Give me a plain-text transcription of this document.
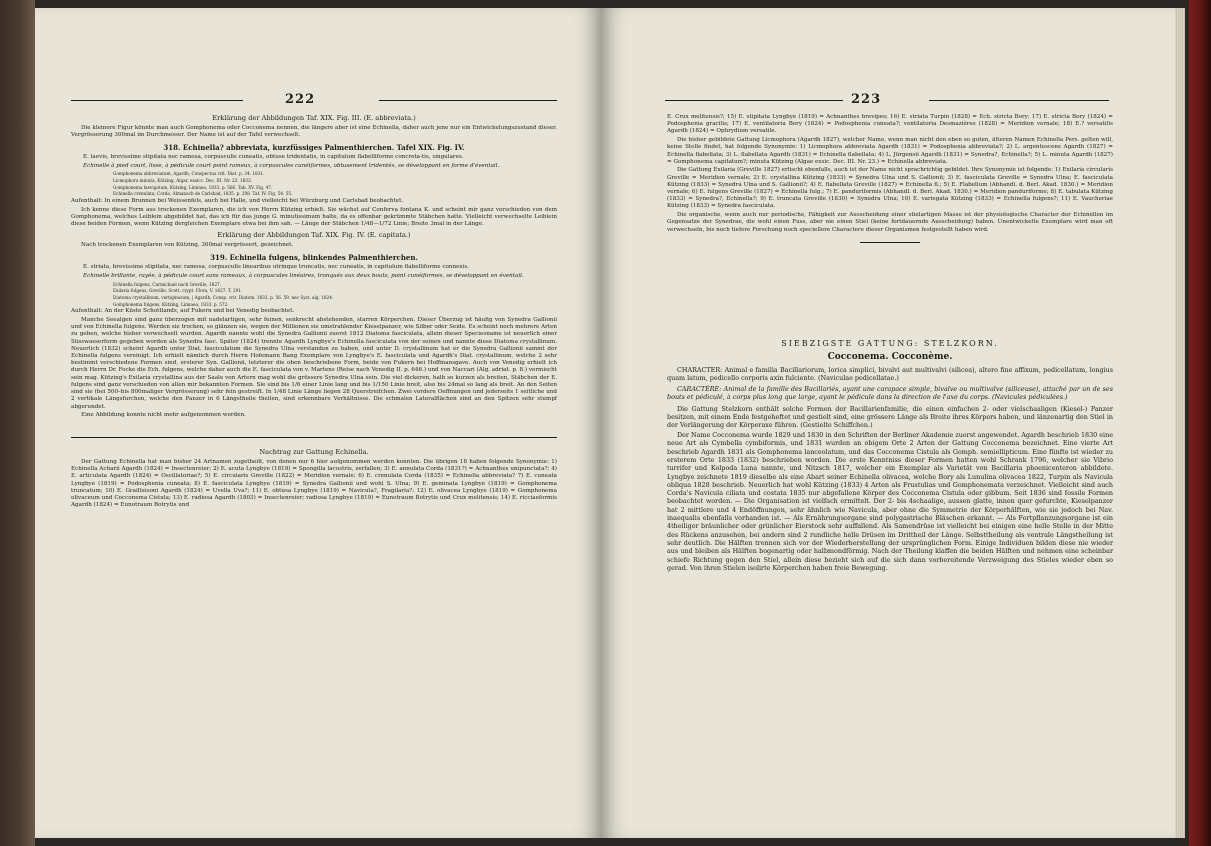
222

Erklärung der Abbildungen Taf. XIX. Fig. III. (E. abbreviata.)

Die kleinere Figur könnte man auch Gomphonema oder Cocconema nennen, die längere aber ist eine Echinella, daher auch jene nur ein Entwickelungszustand dieser. Vergrösserung 300mal im Durchmesser. Der Name ist auf der Tafel verwechselt.

318. Echinella? abbreviata, kurzfüssiges Palmenthierchen. Tafel XIX. Fig. IV.

E. laevis, brevissime stipitata nec ramosa, corpusculis cuneatis, obtuse tridentatis, in capitulum flabelliforme concreta-tis, singulares.

Echinelle à pied court, lisse, à pédicule court point rameux, à corpuscules cunéiformes, obtusement tridentés, se développant en forme d'éventail.

Gomphonema abbreviatum, Agardh, Conspectus crit. Diat. p. 34. 1831.

Licmophora minuta, Kützing, Algar. exsicc. Dec. III. Nr. 23. 1833.

Gomphonema laevigatum, Kützing, Linnaea, 1833. p. 566. Tab. XV. Fig. 47.

Echinella crenulata, Corda, Almanach de Carlsbad, 1835. p. 208. Taf. IV. Fig. 54. 55.

Aufenthalt: In einem Brunnen bei Weissenfels, auch bei Halle, und vielleicht bei Würzburg und Carlsbad beobachtet.

Ich kenne diese Form aus trockenen Exemplaren, die ich von Herrn Kützing erhielt. Sie wächst auf Conferva fontana K. und scheint mir ganz verschieden von dem Gomphonema, welches Leiblein abgebildet hat, das ich für das junge G. minutissimum halte, da es offenbar gekrümmte Stäbchen hatte. Vielleicht verwechselte Leiblein diese beiden Formen, wenn Kützing dergleichen Exemplare etwa bei ihm sah. — Länge der Stäbchen 1/48—1/72 Linie; Breite 3mal in der Länge.

Erklärung der Abbildungen Taf. XIX. Fig. IV. (E. capitata.)

Nach trockenen Exemplaren von Kützing, 300mal vergrössert, gezeichnet.

319. Echinella fulgens, blinkendes Palmenthierchen.

E. striata, brevissime stipitata, nec ramosa, corpusculis linearibus utrinque truncatis, nec cuneatis, in capitulum flabelliforme connexis.

Echinelle brillante, rayée, à pédicule court sans rameaux, à corpuscules linéaires, tronqués aux deux bouts, point cunéiformes, se développant en éventail.

Echinella fulgens, Carmichael nach Greville, 1827.

Exilaria fulgens, Greville, Scott. crypt. Flora, V. 1827. T. 291.

Diatoma crystallinum, vertiginosum, | Agardh, Consp. crit. Diatom. 1832. p. 56. 59. nec Syst. alg. 1824.

Gomphonema fulgens, Kützing, Linnaea, 1833. p. 572.

Aufenthalt: An der Küste Schottlands, auf Fukern und bei Venedig beobachtet.

Manche Seealgen sind ganz überzogen mit nadelartigen, sehr feinen, senkrecht abstehenden, starren Körperchen. Dieser Überzug ist häufig von Synedra Gallionii und von Echinella fulgens. Werden sie trocken, so glänzen sie, wegen der Millionen sie umstrahlender Kieselpanzer, wie Silber oder Seide. Es scheint noch mehrere Arten zu geben, welche bisher verwechselt wurden. Agardh nannte wohl die Synedra Gallionii zuerst 1812 Diatoma fasciculata, allein dieser Speciesname ist neuerlich einer Süsswasserform gegeben worden als Synedra fasc. Später (1824) trennte Agardh Lyngbye's Echinella fasciculata von der seinen und nannte diese Diatoma crystallinum. Neuerlich (1832) scheint Agardh unter Diat. fasciculatum die Synedra Ulna verstanden zu haben, und unter D. crystallinum hat er die Synedra Gallionii sammt der Echinella fulgens vereinigt. Ich erhielt nämlich durch Herrn Hofemann Bang Exemplare von Lyngbye's E. fasciculata und Agardh's Diat. crystallinum, welche 2 sehr bestimmt verschiedene Formen sind, ersterer Syn. Gallionii, letzterer die oben beschriebene Form, beide von Fukern bei Hoffmansgave. Auch von Venedig erhielt ich durch Herrn Dr. Focke die Ech. fulgens, welche daher auch die E. fasciculata von v. Martens (Reise nach Venedig II. p. 646.) und von Naccari (Alg. adriat. p. 8.) vermischt sein mag. Kützing's Exilaria crystallina aus der Saale von Artern mag wohl die grössere Synedra Ulna sein. Die viel dickeren, halb so kurzen als breiten, Stäbchen der E. fulgens sind ganz verschieden von allen mir bekannten Formen. Sie sind bis 1/6 einer Linie lang und bis 1/150 Linie breit, also bis 24mal so lang als breit. An den Seiten sind sie (bei 500–bis 800maliger Vergrösserung) sehr fein gestreift. In 1/48 Linie Länge liegen 28 Querstreifchen. Zwei vordere Oeffnungen und jederseits 1 seitliche und 2 vertikale Längsfurchen, welche den Panzer in 6 Längstheile theilen, sind erkennbare Verhältnisse. Die schmalen Lateralflächen sind an den Spitzen sehr stumpf abgerundet.

Eine Abbildung konnte nicht mehr aufgenommen werden.

Nachtrag zur Gattung Echinella.

Der Gattung Echinella hat man bisher 24 Artnamen zugetheilt, von denen nur 6 hier aufgenommen werden konnten. Die übrigen 18 haben folgende Synonymie: 1) Echinella Acharii Agardh (1824) = Insectenreier; 2) E. acuta Lyngbye (1819) = Spongilla lacustris, zerfallen; 3) E. annulata Corda (1831?) = Achnanthes unipunctata?; 4) E. articulata Agardh (1824) = Oscillatoriae?; 5) E. circularis Greville (1822) = Meridion vernale; 6) E. crenulata Corda (1835) = Echinella abbreviata? 7) E. cuneata Lyngbye (1819) = Podosphenia cuneata; 8) E. fasciculata Lyngbye (1819) = Synedra Gallionii und wohl S. Ulna; 9) E. geminata Lyngbye (1819) = Gomphonema truncatum; 10) E. Grailluisoni Agardh (1824) = Uvella Uva?; 11) E. obtusa Lyngbye (1819) = Navicula?, Fragilaria?; 12) E. olivacea Lyngbye (1819) = Gomphonema olivaceum und Cocconema Cistula; 13) E. radiosa Agardh (1803) = Insectenreier; radiosa Lyngbye (1819) = Eunotraum Botrytis und Crux melitensis; 14) E. ricciaeformis Agardh (1824) = Eunotraum Botrytis und

223

E. Crux melitensis?; 15) E. stipitata Lyngbye (1819) = Achnanthes brevipes; 16) E. striata Turpin (1828) = Ech. stricta Bory; 17) E. stricta Bory (1824) = Podosphenia gracilis; 17) E. ventilatoria Bory (1824) = Podosphenia cuneata?; ventilatoria Desmazières (1828) = Meridion vernale; 18) E.? versatilis Agardh (1824) = Ophrydium versatile.

Die bisher gebildete Gattung Licmophora (Agardh 1827), welcher Name, wenn man nicht den eben so guten, älteren Namen Echinella Pers. gelten will, keine Stelle findet, hat folgende Synonymie: 1) Licmophora abbreviata Agardh (1831) = Podosphenia abbreviata?; 2) L. argentescens Agardh (1827) = Echinella flabellata; 3) L. flabellata Agardh (1831) = Echinella flabellata; 4) L. Jürgensii Agardh (1831) = Synedra?, Echinella?; 5) L. minuta Agardh (1827) = Gomphonema capitatum?; minuta Kützing (Algae exsic. Dec. III. Nr. 23.) = Echinella abbreviata.

Die Gattung Exilaria (Greville 1827) erlischt ebenfalls, auch ist der Name nicht sprachrichtig gebildet. Ihre Synonymie ist folgende: 1) Exilaria circularis Greville = Meridion vernale; 2) E. crystallina Kützing (1833) = Synedra Ulna und S. Gallionii; 3) E. fasciculata Greville = Synedra Ulna; E. fasciculata Kützing (1833) = Synedra Ulna und S. Gallionii?; 4) E. flabellata Greville (1827) = Echinella fl.; 5) E. Flabellum (Abhandl. d. Berl. Akad. 1830.) = Meridion vernale; 6) E. fulgens Greville (1827) = Echinella fulg.; 7) E. panduriformis (Abhandl. d. Berl. Akad. 1830.) = Meridion panduriforme; 8) E. tabulata Kützing (1833) = Synedra?, Echinella?; 9) E. truncata Greville (1830) = Synedra Ulna; 10) E. variegata Kützing (1833) = Echinella fulgens?; 11) E. Vaucheriae Kützing (1833) = Synedra fasciculata.

Die organische, wenn auch nur periodische, Fähigkeit zur Ausscheidung einer stielartigen Masse ist der physiologische Character der Echinellen im Gegensatze der Synedrae, die wohl einen Fuss, aber nie einen Stiel (keine fortdauernde Ausscheidung) haben. Unentwickelte Exemplare wird man oft verwechseln, bis noch tiefere Forschung noch speciellere Charactere dieser Organismen festgestellt haben wird.

SIEBZIGSTE GATTUNG: STELZKORN.

Cocconema. Cocconème.

CHARACTER: Animal e familia Bacillariorum, lorica simplici, bivalvi aut multivalvi (silicea), altero fine affixum, pedicellatum, longius quam latum, pedicello corporis axin fulciente. (Naviculae pedicellatae.)

CARACTÈRE: Animal de la famille des Bacillariés, ayant une carapace simple, bivalve ou multivalve (siliceuse), attaché par un de ses bouts et pédiculé, à corps plus long que large, ayant le pédicule dans la direction de l'axe du corps. (Navicules pédiculées.)

Die Gattung Stelzkorn enthält solche Formen der Bacillarienfamilie, die einen einfachen 2- oder vielschaaligen (Kiesel-) Panzer besitzen, mit einem Ende festgeheftet und gestielt sind, eine grössere Länge als Breite ihres Körpers haben, und länzenartig den Stiel in der Verlängerung der Körperaxe führen. (Gestielte Schiffchen.)

Der Name Cocconema wurde 1829 und 1830 in den Schriften der Berliner Akademie zuerst angewendet. Agardh beschrieb 1830 eine neue Art als Cymbella cymbiformis, und 1831 wurden an obigem Orte 2 Arten der Gattung Cocconema bezeichnet. Eine vierte Art beschrieb Agardh 1831 als Gomphonema lanceolatum, und das Cocconema Cistula als Gomph. semiellipticum. Eine fünfte ist wieder zu ersterem Orte 1833 (1832) beschrieben worden. Die erste Kenntniss dieser Formen hatten wohl Schrank 1796, welcher sie Vibrio turrifer und Kolpoda Luna nannte, und Nitzsch 1817, welcher ein Exemplar als Varietät von Bacillaria phoenicenteron abbildete. Lyngbye zeichnete 1819 dieselbe als eine Abart seiner Echinella olivacea, welche Bory als Lunulina olivacea 1822, Turpin als Navicula obliqua 1828 beschrieb. Neuerlich hat wohl Kützing (1833) 4 Arten als Frustulias und Gomphonemata verzeichnet. Vielleicht sind auch Corda's Navicula ciliata und costata 1835 nur abgefallene Körper des Cocconema Cistula oder gibbum. Seit 1836 sind fossile Formen beobachtet worden. — Die Organisation ist vielfach ermittelt. Der 2- bis 4schaalige, aussen glatte, innen quer gefurchte, Kieselpanzer hat 2 mittlere und 4 Endöffnungen, sehr ähnlich wie Navicula, aber ohne die Symmetrie der Körperhälften, wie sie jedoch bei Nav. inaequalis ebenfalls vorhanden ist. — Als Ernährungsorgane sind polygastrische Bläschen erkannt. — Als Fortpflanzungsorgane ist ein 4theiliger bräunlicher oder grünlicher Eierstock sehr auffallend. Als Samendrüse ist vielleicht bei einigen eine helle Stelle in der Mitte des Rückens anzusehen, bei andern sind 2 rundliche helle Drüsen im Drittheil der Länge. Selbsttheilung als ventrale Längstheilung ist sehr deutlich. Die Hälften trennen sich vor der Wiederherstellung der ursprünglichen Form. Einige Individuen bilden diese nie wieder aus und bleiben als Hälften bogenartig oder halbmondförmig. Nach der Theilung klaffen die beiden Hälften und nehmen eine scheinbar schiefe Richtung gegen den Stiel, allein diese bezieht sich auf die sich dann vorbereitende Verzweigung des Stieles wieder eben so gerad. Von ihren Stielen isolirte Körperchen haben freie Bewegung.
